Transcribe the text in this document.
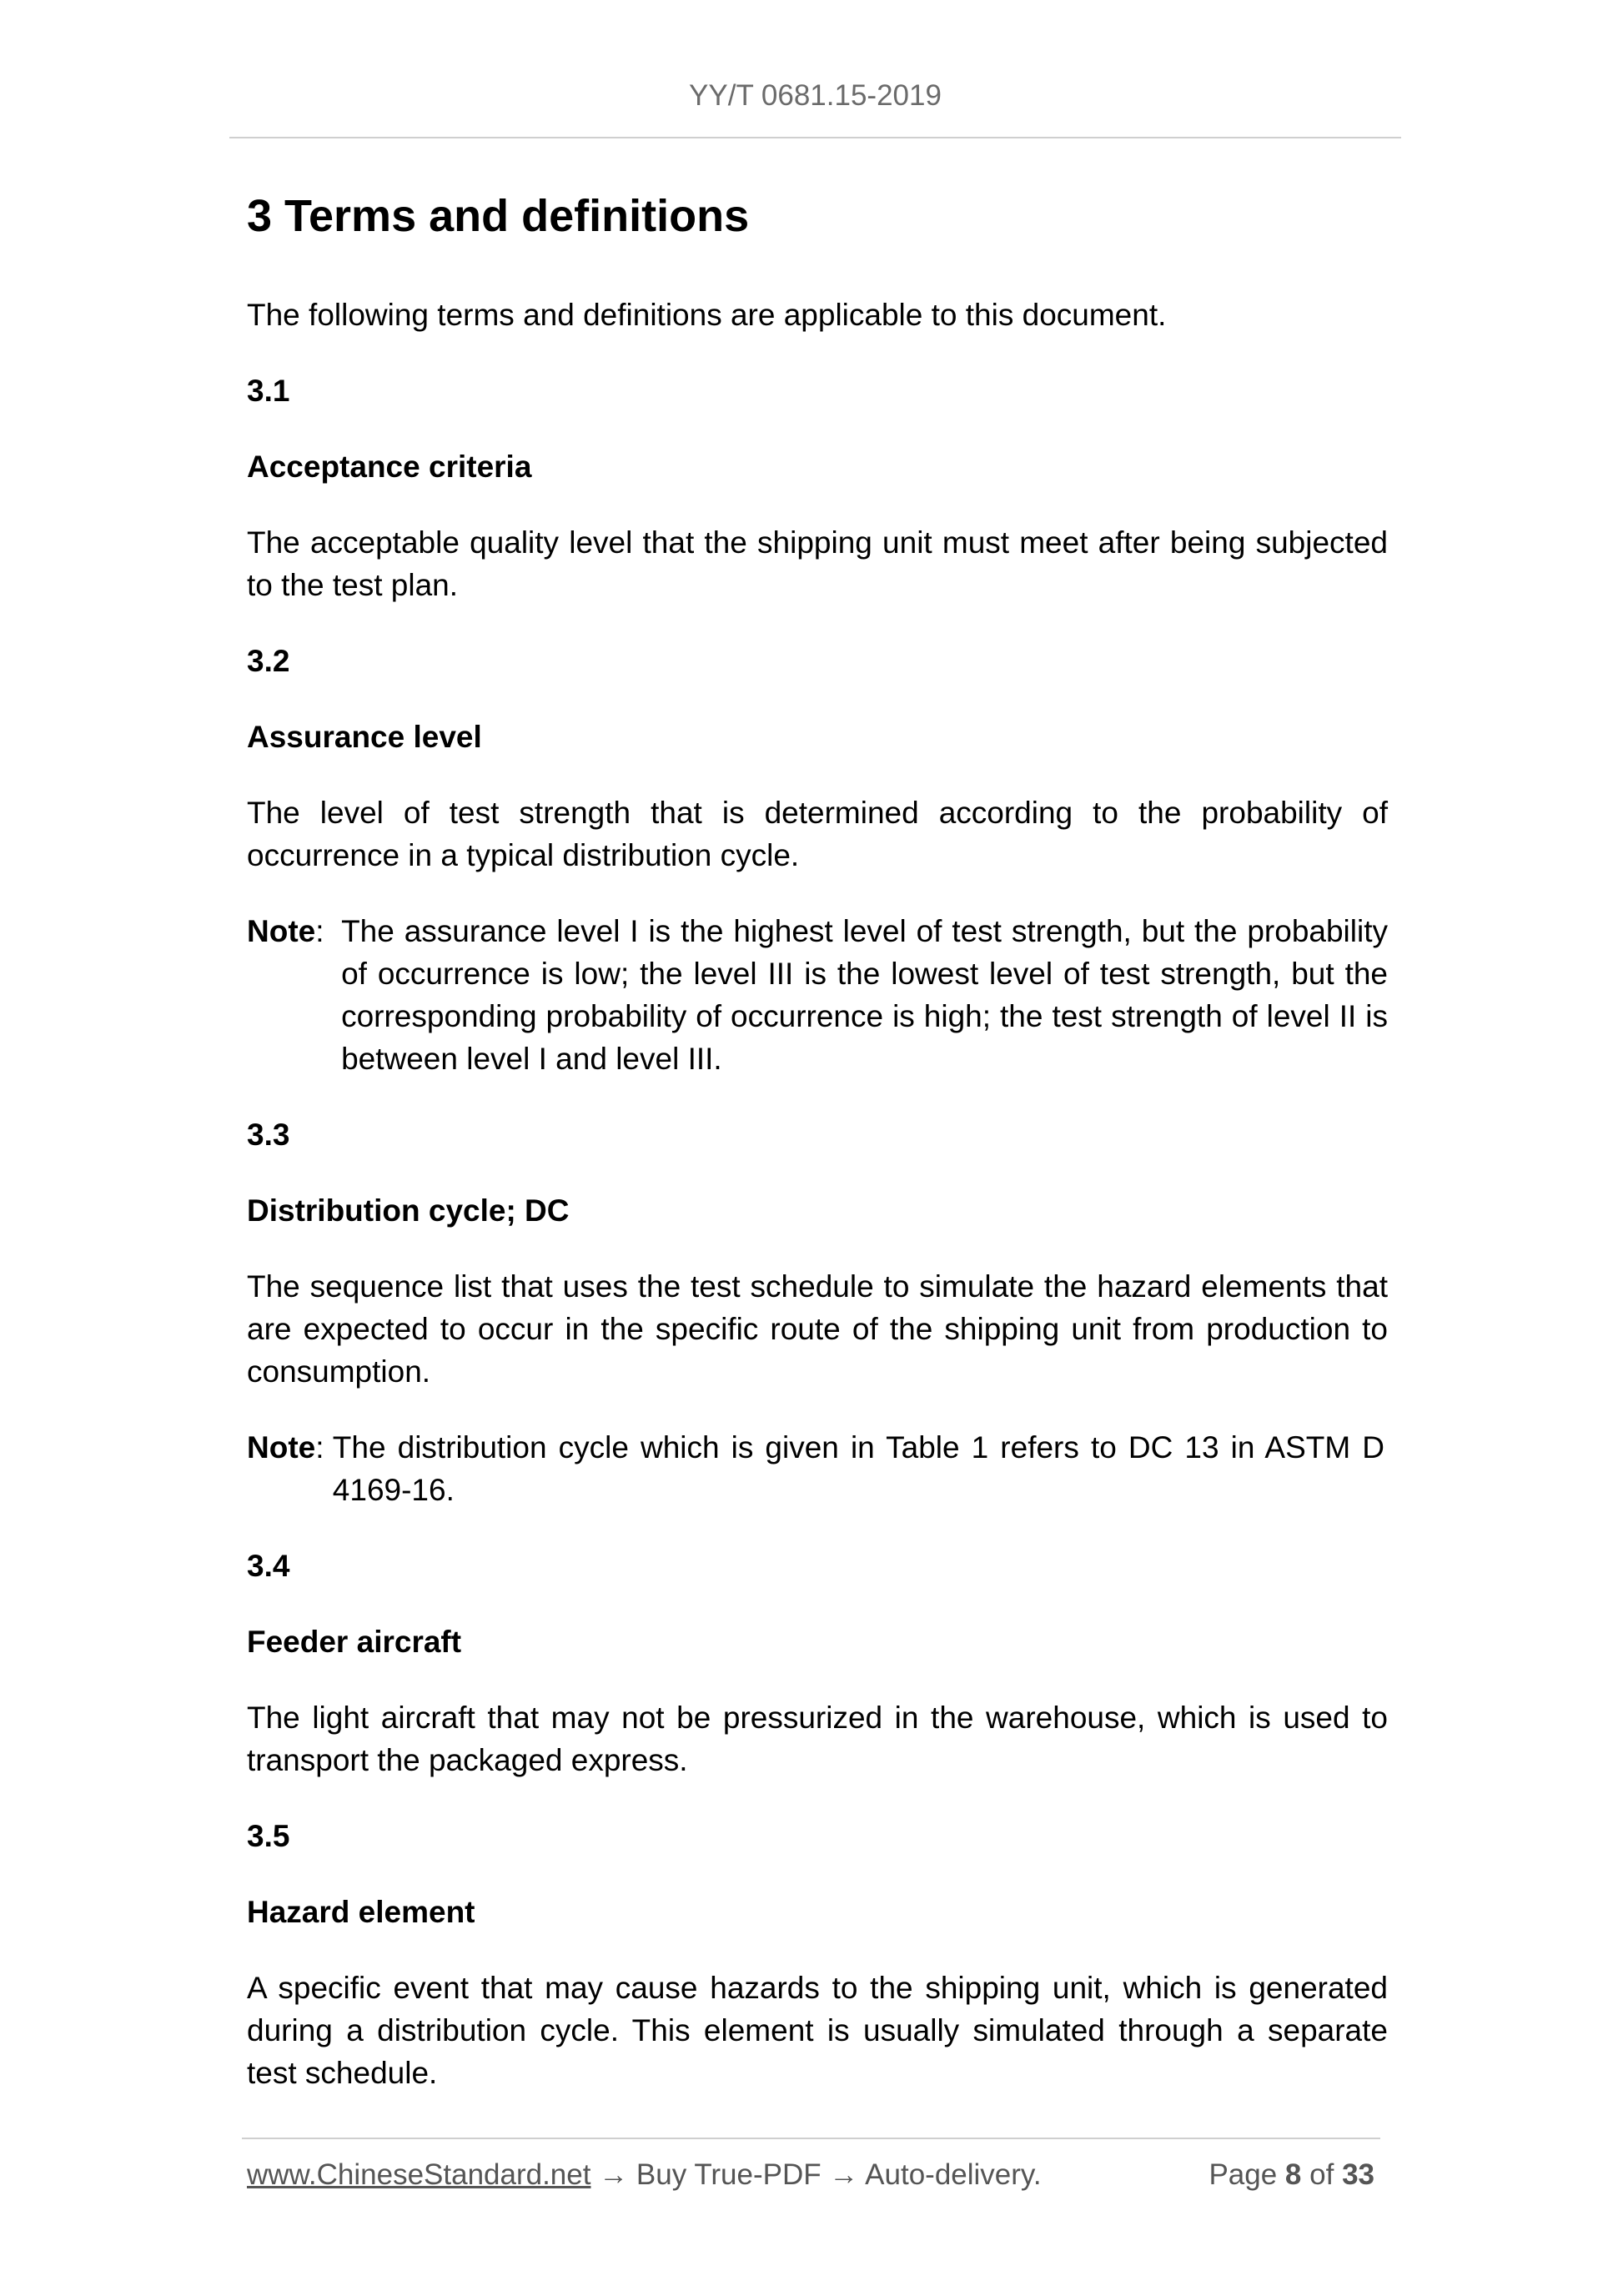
YY/T 0681.15-2019
3 Terms and definitions

The following terms and definitions are applicable to this document.

3.1

Acceptance criteria

The acceptable quality level that the shipping unit must meet after being subjected to the test plan.

3.2

Assurance level

The level of test strength that is determined according to the probability of occurrence in a typical distribution cycle.

Note: The assurance level I is the highest level of test strength, but the probability of occurrence is low; the level III is the lowest level of test strength, but the corresponding probability of occurrence is high; the test strength of level II is between level I and level III.

3.3

Distribution cycle; DC

The sequence list that uses the test schedule to simulate the hazard elements that are expected to occur in the specific route of the shipping unit from production to consumption.

Note: The distribution cycle which is given in Table 1 refers to DC 13 in ASTM D 4169-16.

3.4

Feeder aircraft

The light aircraft that may not be pressurized in the warehouse, which is used to transport the packaged express.

3.5

Hazard element

A specific event that may cause hazards to the shipping unit, which is generated during a distribution cycle. This element is usually simulated through a separate test schedule.

www.ChineseStandard.net → Buy True-PDF → Auto-delivery.	Page 8 of 33
